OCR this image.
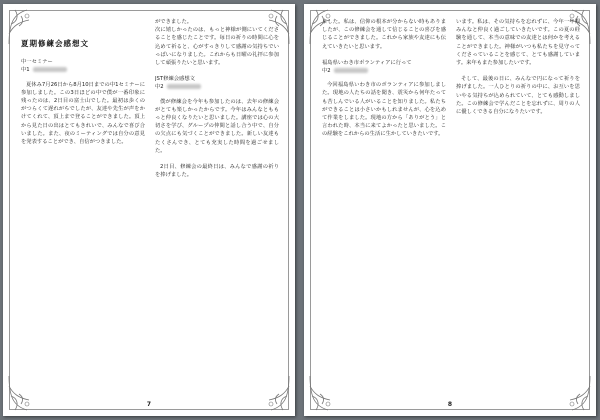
夏期修練会感想文
中一セミナー
中1
夏休み7月26日から8月10日までの中1セミナーに参加しました。この3日ほどの中で僕が一番印象に残ったのは、2日目の富士山でした。最初は歩くのがつらくて遅れがちでしたが、友達や先生が声をかけてくれて、頂上まで登ることができました。頂上から見た日の出はとてもきれいで、みんなで喜び合いました。また、夜のミーティングでは自分の意見を発表することができ、自信がつきました。
ができました。
次に嬉しかったのは、もっと神様が側にいてくださることを感じたことです。毎日の祈りの時間に心を込めて祈ると、心がすっきりして感謝の気持ちでいっぱいになりました。これからも日曜の礼拝に参加して頑張りたいと思います。
JST修練会感想文
中2
僕が修練会を今年も参加したのは、去年の修練会がとても楽しかったからです。今年はみんなとももっと仲良くなりたいと思いました。講座では心の大切さを学び、グループの仲間と話し合う中で、自分の欠点にも気づくことができました。新しい友達もたくさんでき、とても充実した時間を過ごせました。
2日目、修練会の最終日は、みんなで感謝の祈りを捧げました。
7
ました。私は、信仰の根本が分からない時もありましたが、この修練会を通して信じることの喜びを感じることができました。これから家族や友達にも伝えていきたいと思います。
福島県いわき市ボランティアに行って
中2
今回福島県いわき市のボランティアに参加しました。現地の人たちの話を聞き、震災から何年たっても苦しんでいる人がいることを知りました。私たちができることは小さいかもしれませんが、心を込めて作業をしました。現地の方から「ありがとう」と言われた時、本当に来てよかったと思いました。この経験をこれからの生活に生かしていきたいです。
います。私は、その気持ちを忘れずに、今年一年間みんなと仲良く過ごしていきたいです。この夏の経験を通して、本当の意味での友達とは何かを考えることができました。神様がいつも私たちを見守ってくださっていることを感じて、とても感謝しています。来年もまた参加したいです。
そして、最後の日に、みんなで円になって祈りを捧げました。一人ひとりの祈りの中に、お互いを思いやる気持ちが込められていて、とても感動しました。この修練会で学んだことを忘れずに、周りの人に優しくできる自分になりたいです。
8
